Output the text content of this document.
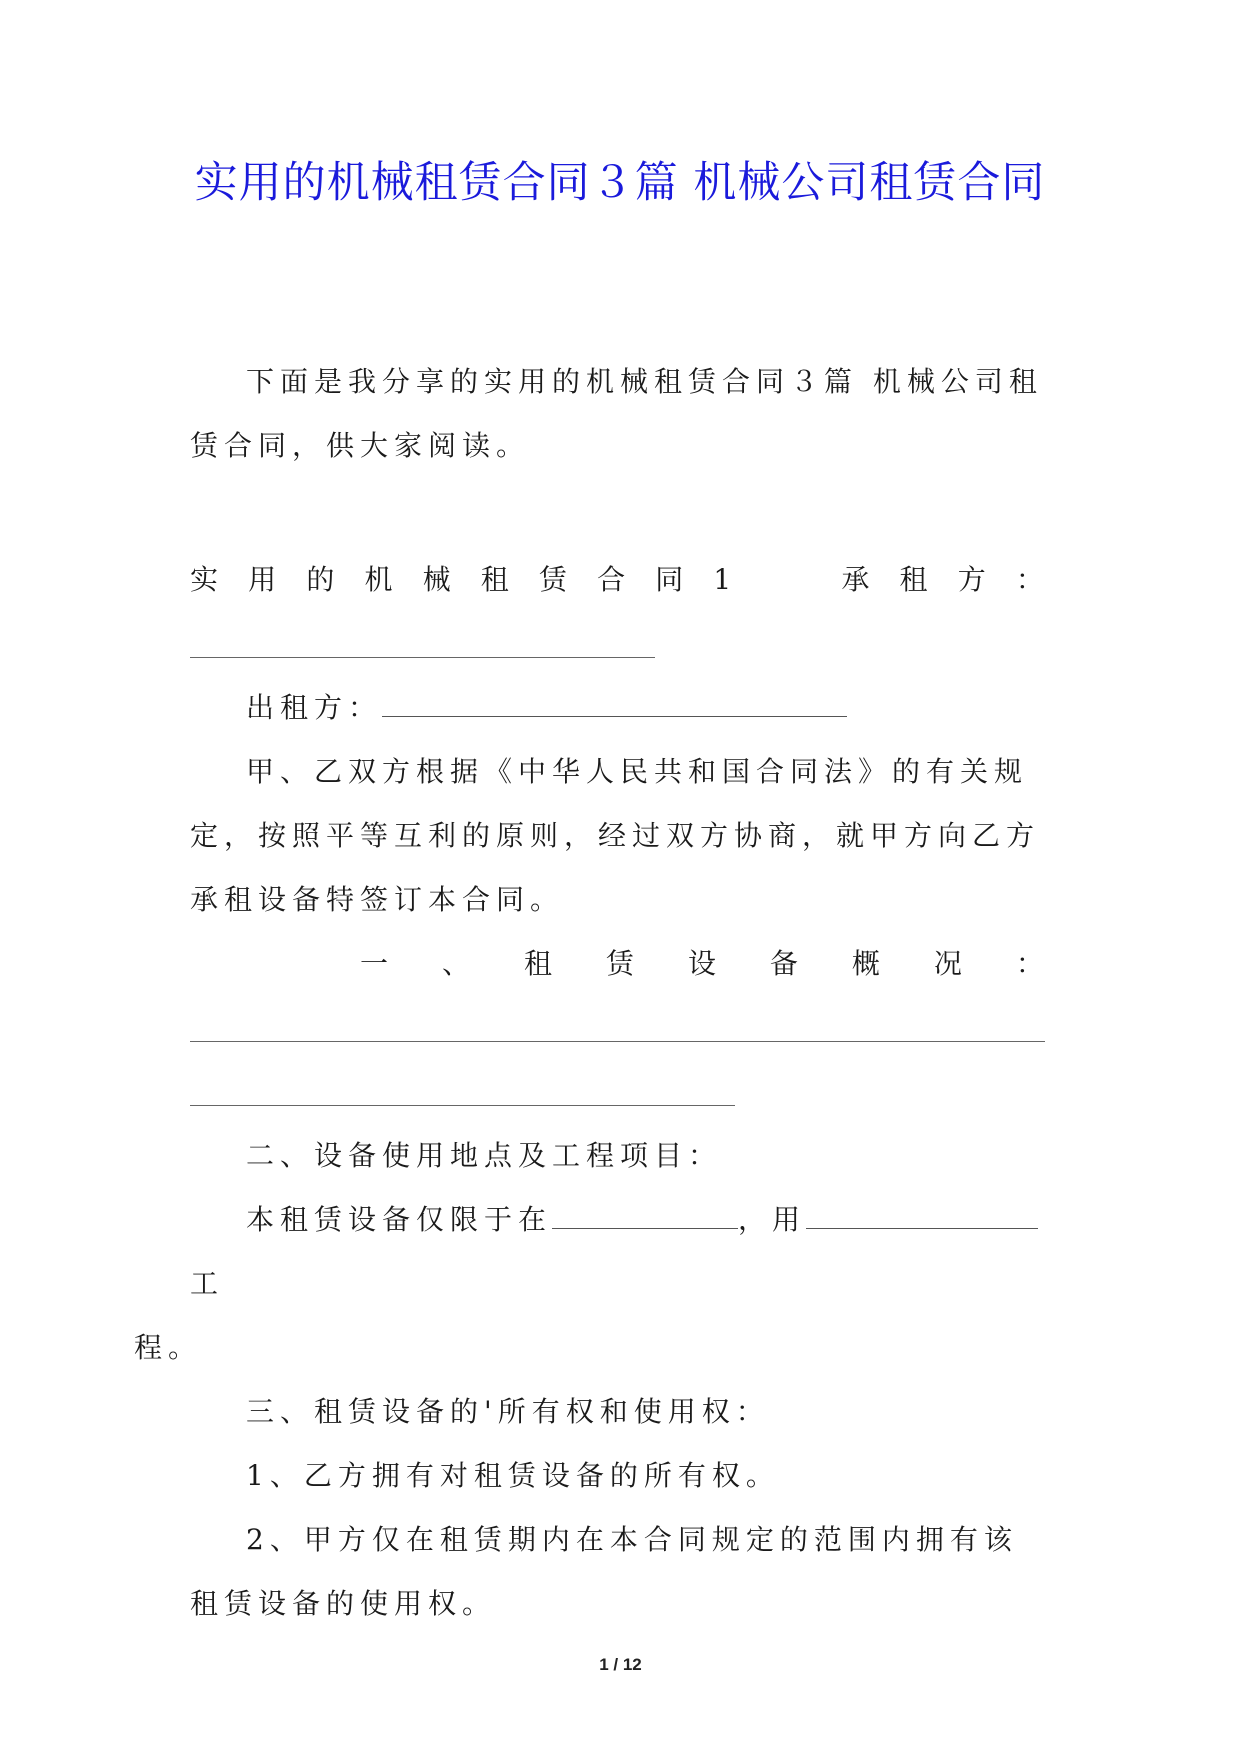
实用的机械租赁合同３篇 机械公司租赁合同

下面是我分享的实用的机械租赁合同３篇 机械公司租赁合同，供大家阅读。

实 用 的 机 械 租 赁 合 同 1	承 租 方 ：

出租方：

甲、乙双方根据《中华人民共和国合同法》的有关规定，按照平等互利的原则，经过双方协商，就甲方向乙方承租设备特签订本合同。

一 、 租 赁 设 备 概 况 ：

二、设备使用地点及工程项目：

本租赁设备仅限于在	，用工
程。

三、租赁设备的'所有权和使用权：

1、乙方拥有对租赁设备的所有权。

2、甲方仅在租赁期内在本合同规定的范围内拥有该租赁设备的使用权。

1 / 12
